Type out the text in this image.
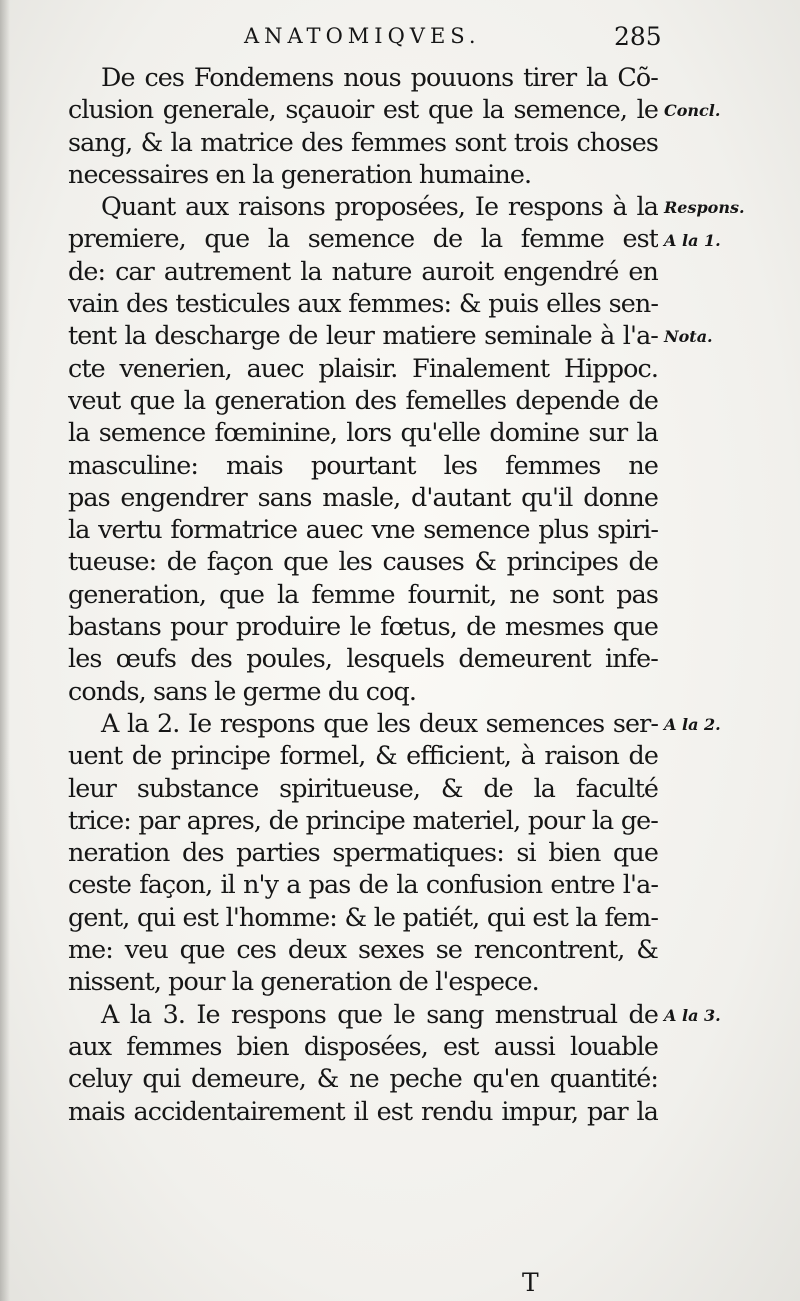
ANATOMIQVES.	285
De ces Fondemens nous pouuons tirer la Cõ-
clusion generale, sçauoir est que la semence, le
sang, & la matrice des femmes sont trois choses
necessaires en la generation humaine.
Quant aux raisons proposées, Ie respons à la
premiere, que la semence de la femme est
de: car autrement la nature auroit engendré en
vain des testicules aux femmes: & puis elles sen-
tent la descharge de leur matiere seminale à l'a-
cte venerien, auec plaisir. Finalement Hippoc.
veut que la generation des femelles depende de
la semence fœminine, lors qu'elle domine sur la
masculine: mais pourtant les femmes ne
pas engendrer sans masle, d'autant qu'il donne
la vertu formatrice auec vne semence plus spiri-
tueuse: de façon que les causes & principes de
generation, que la femme fournit, ne sont pas
bastans pour produire le fœtus, de mesmes que
les œufs des poules, lesquels demeurent infe-
conds, sans le germe du coq.
A la 2. Ie respons que les deux semences ser-
uent de principe formel, & efficient, à raison de
leur substance spiritueuse, & de la faculté
trice: par apres, de principe materiel, pour la ge-
neration des parties spermatiques: si bien que
ceste façon, il n'y a pas de la confusion entre l'a-
gent, qui est l'homme: & le patiét, qui est la fem-
me: veu que ces deux sexes se rencontrent, &
nissent, pour la generation de l'espece.
A la 3. Ie respons que le sang menstrual de
aux femmes bien disposées, est aussi louable
celuy qui demeure, & ne peche qu'en quantité:
mais accidentairement il est rendu impur, par la
Concl.
Respons.
A la 1.
Nota.
A la 2.
A la 3.
T
